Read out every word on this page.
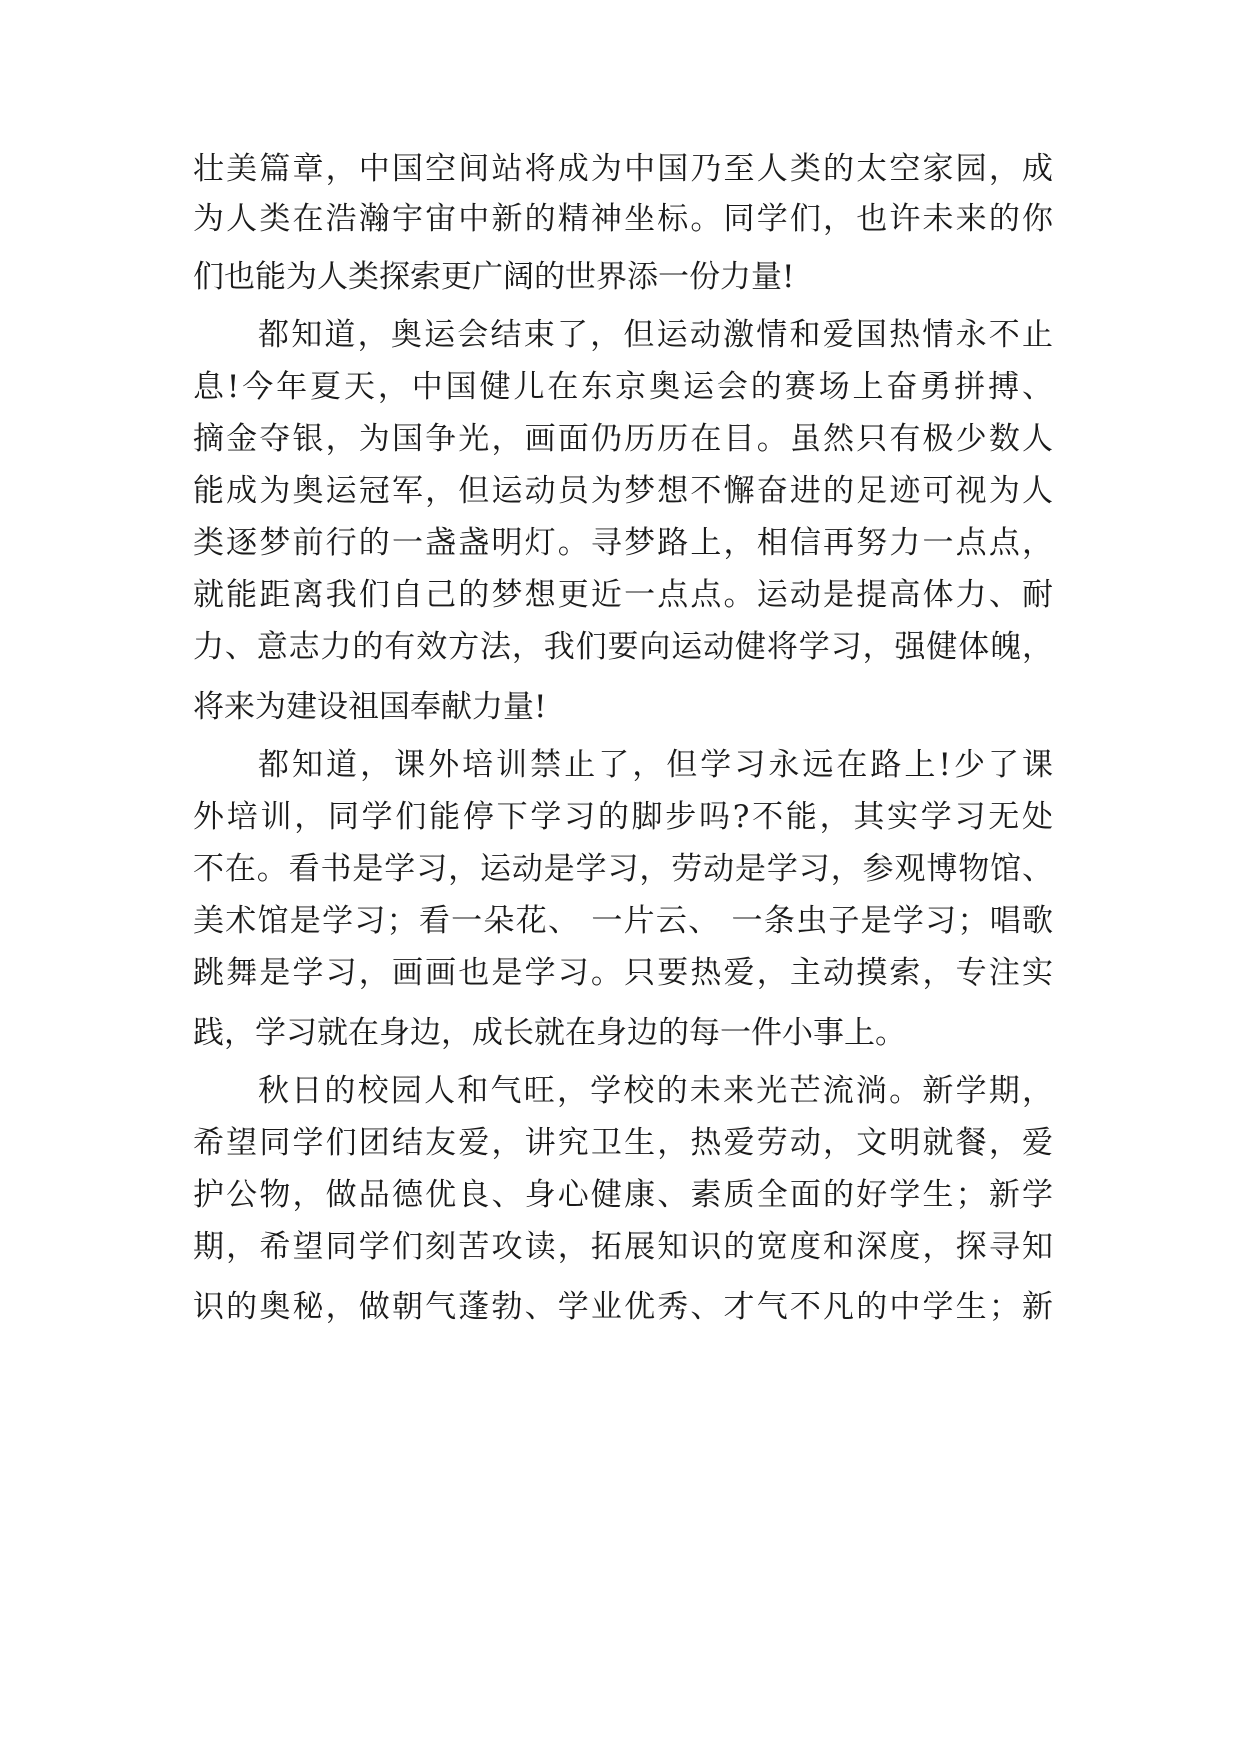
壮美篇章，中国空间站将成为中国乃至人类的太空家园，成
为人类在浩瀚宇宙中新的精神坐标。同学们，也许未来的你
们也能为人类探索更广阔的世界添一份力量!
都知道，奥运会结束了，但运动激情和爱国热情永不止
息!今年夏天，中国健儿在东京奥运会的赛场上奋勇拼搏、
摘金夺银，为国争光，画面仍历历在目。虽然只有极少数人
能成为奥运冠军，但运动员为梦想不懈奋进的足迹可视为人
类逐梦前行的一盏盏明灯。寻梦路上，相信再努力一点点，
就能距离我们自己的梦想更近一点点。运动是提高体力、耐
力、意志力的有效方法，我们要向运动健将学习，强健体魄，
将来为建设祖国奉献力量!
都知道，课外培训禁止了，但学习永远在路上!少了课
外培训，同学们能停下学习的脚步吗?不能，其实学习无处
不在。看书是学习，运动是学习，劳动是学习，参观博物馆、
美术馆是学习；看一朵花、 一片云、 一条虫子是学习；唱歌
跳舞是学习，画画也是学习。只要热爱，主动摸索，专注实
践，学习就在身边，成长就在身边的每一件小事上。
秋日的校园人和气旺，学校的未来光芒流淌。新学期，
希望同学们团结友爱，讲究卫生，热爱劳动，文明就餐，爱
护公物，做品德优良、身心健康、素质全面的好学生；新学
期，希望同学们刻苦攻读，拓展知识的宽度和深度，探寻知
识的奥秘，做朝气蓬勃、学业优秀、才气不凡的中学生；新
